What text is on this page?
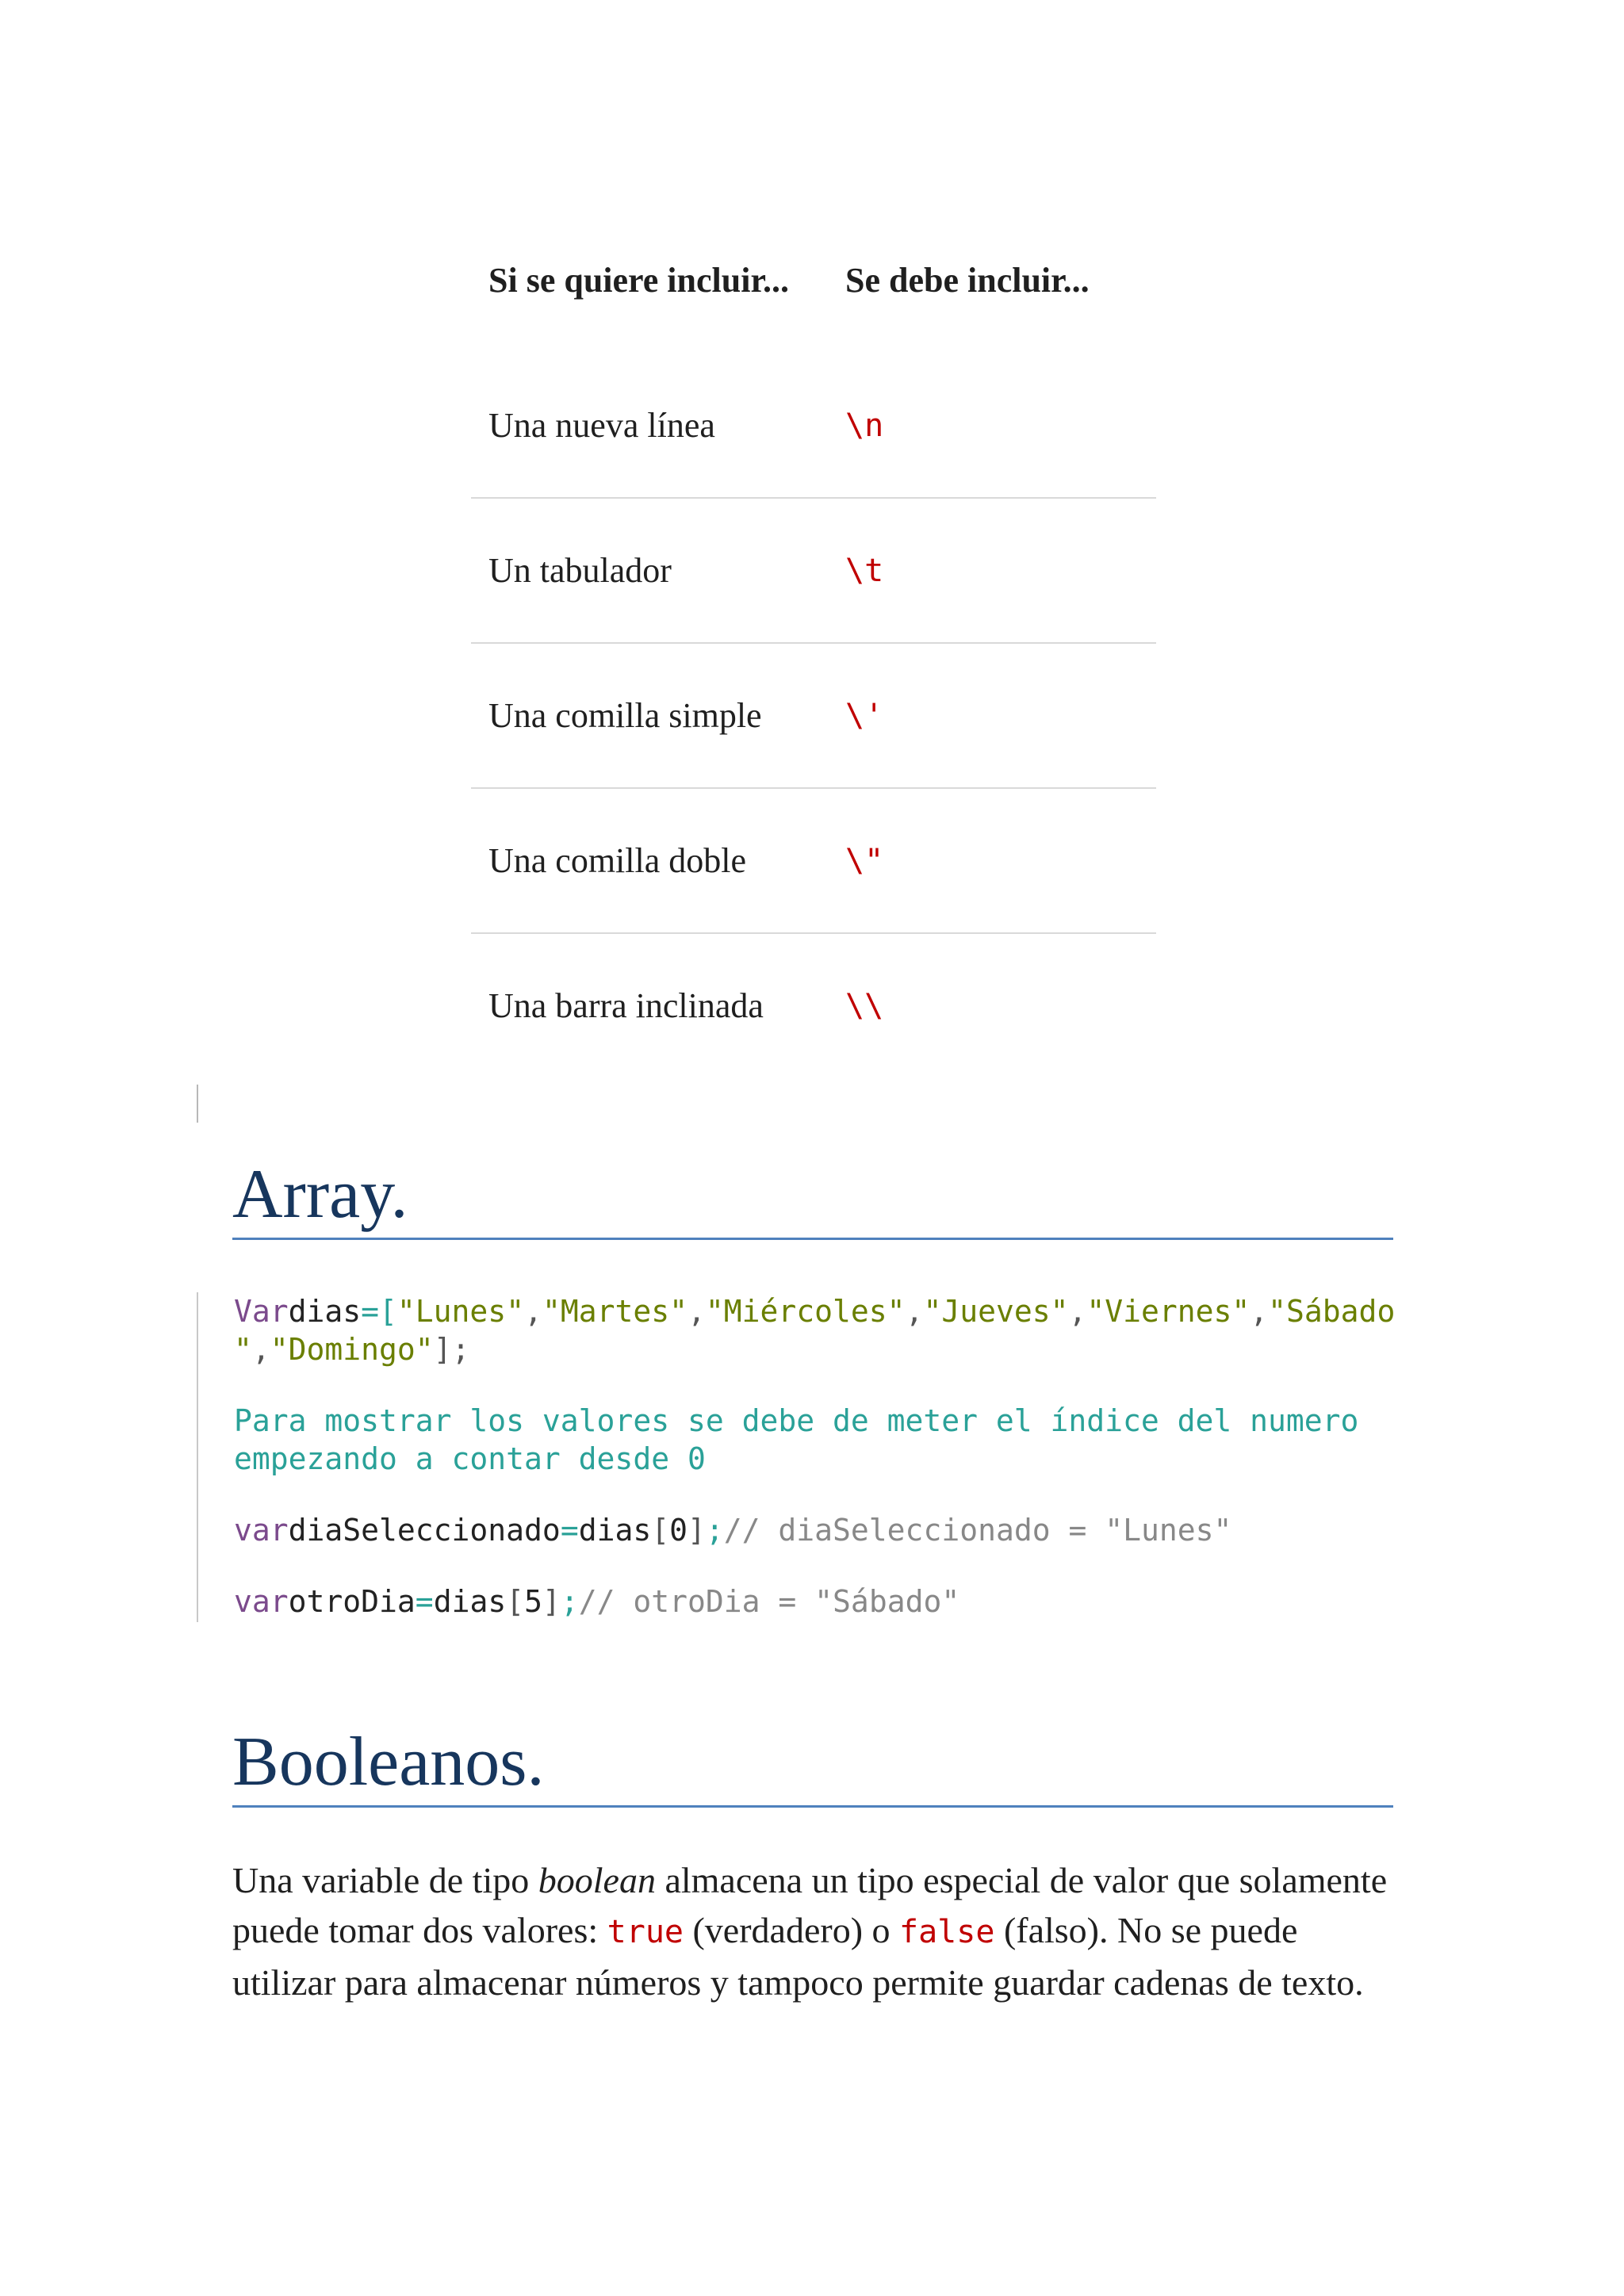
Si se quiere incluir...	Se debe incluir...
Una nueva línea	\n
Un tabulador	\t
Una comilla simple	\'
Una comilla doble	\"
Una barra inclinada	\\
Array.
Vardias=["Lunes","Martes","Miércoles","Jueves","Viernes","Sábado
","Domingo"];
Para mostrar los valores se debe de meter el índice del numero
empezando a contar desde 0
vardiaSeleccionado=dias[0];// diaSeleccionado = "Lunes"
varotroDia=dias[5];// otroDia = "Sábado"
Booleanos.

Una variable de tipo boolean almacena un tipo especial de valor que solamente puede tomar dos valores: true (verdadero) o false (falso). No se puede utilizar para almacenar números y tampoco permite guardar cadenas de texto.
